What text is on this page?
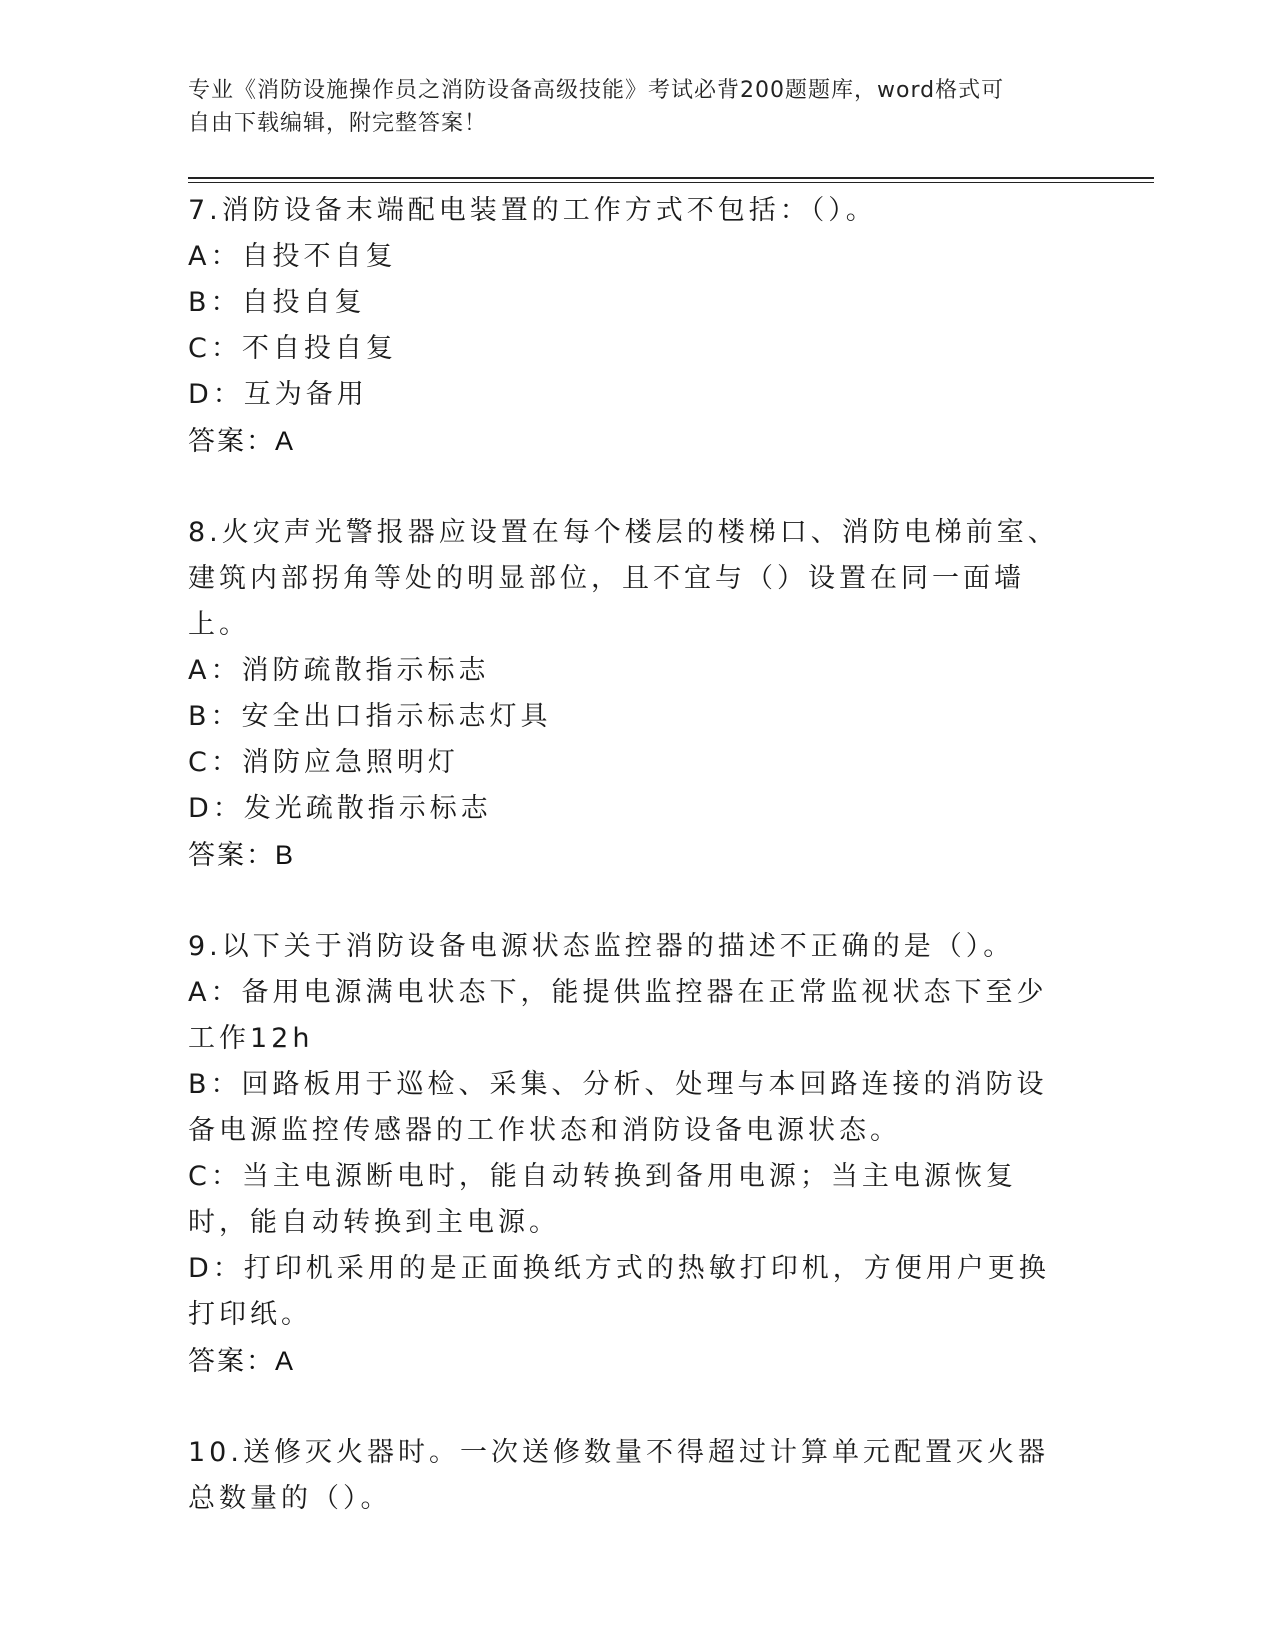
专业《消防设施操作员之消防设备高级技能》考试必背200题题库，word格式可
自由下载编辑，附完整答案！
7.消防设备末端配电装置的工作方式不包括：（）。
A：自投不自复
B：自投自复
C：不自投自复
D：互为备用
答案：A
8.火灾声光警报器应设置在每个楼层的楼梯口、消防电梯前室、建筑内部拐角等处的明显部位，且不宜与（）设置在同一面墙上。
A：消防疏散指示标志
B：安全出口指示标志灯具
C：消防应急照明灯
D：发光疏散指示标志
答案：B
9.以下关于消防设备电源状态监控器的描述不正确的是（）。
A：备用电源满电状态下，能提供监控器在正常监视状态下至少工作12h
B：回路板用于巡检、采集、分析、处理与本回路连接的消防设备电源监控传感器的工作状态和消防设备电源状态。
C：当主电源断电时，能自动转换到备用电源；当主电源恢复时，能自动转换到主电源。
D：打印机采用的是正面换纸方式的热敏打印机，方便用户更换打印纸。
答案：A
10.送修灭火器时。一次送修数量不得超过计算单元配置灭火器总数量的（）。
